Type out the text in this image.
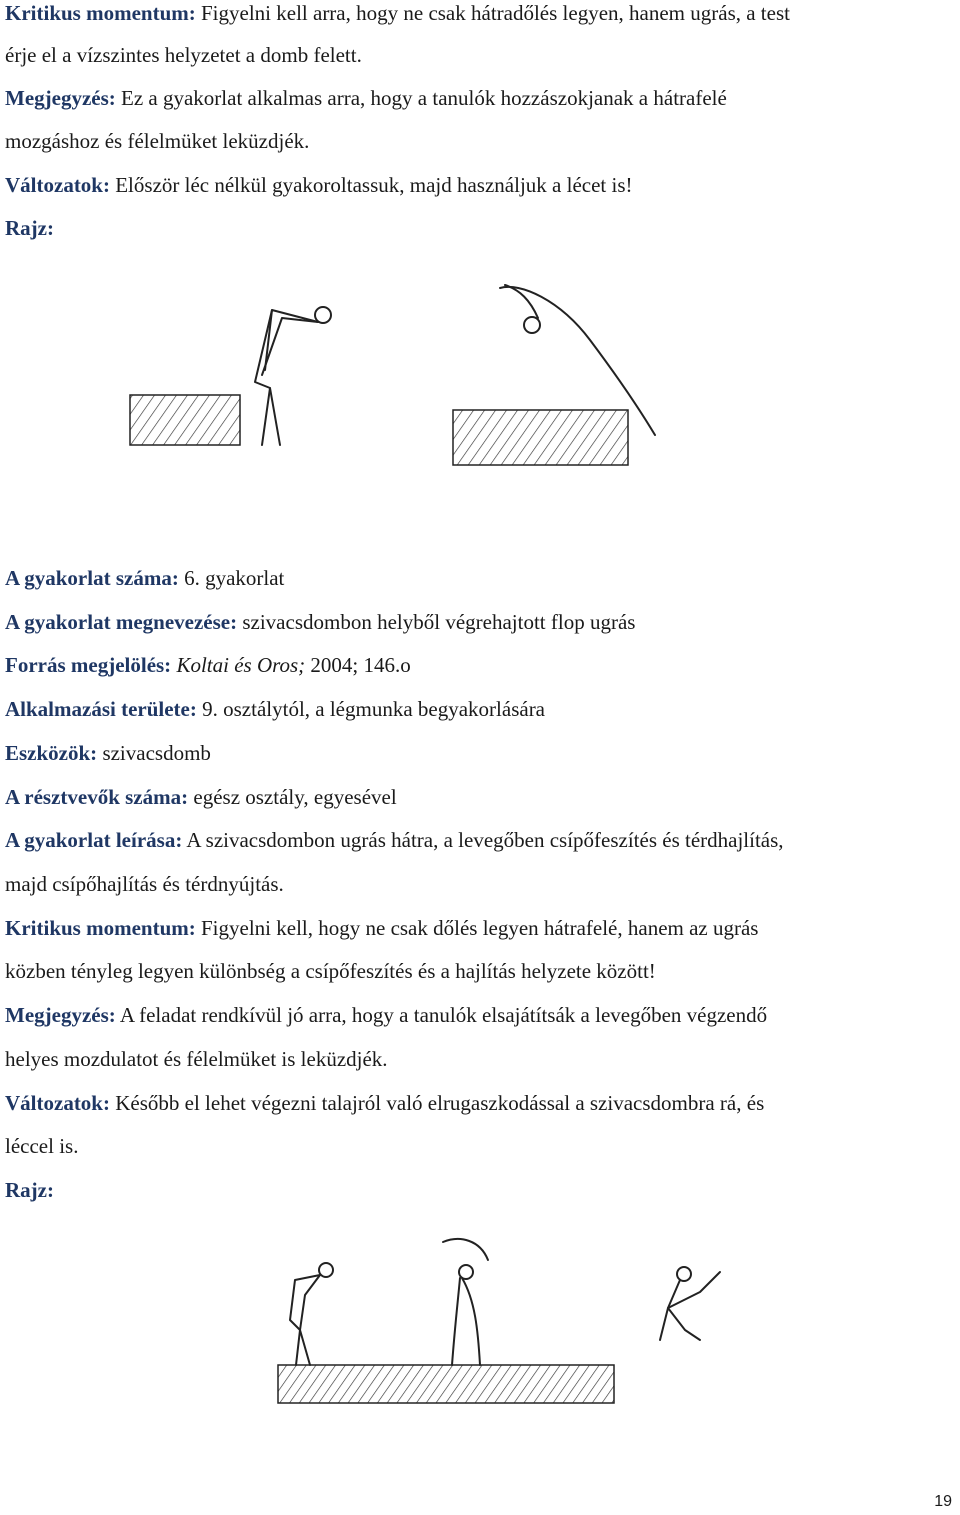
Kritikus momentum: Figyelni kell arra, hogy ne csak hátradőlés legyen, hanem ugrás, a test
érje el a vízszintes helyzetet a domb felett.
Megjegyzés: Ez a gyakorlat alkalmas arra, hogy a tanulók hozzászokjanak a hátrafelé
mozgáshoz és félelmüket leküzdjék.
Változatok: Először léc nélkül gyakoroltassuk, majd használjuk a lécet is!
Rajz:
A gyakorlat száma: 6. gyakorlat
A gyakorlat megnevezése: szivacsdombon helyből végrehajtott flop ugrás
Forrás megjelölés: Koltai és Oros; 2004; 146.o
Alkalmazási területe: 9. osztálytól, a légmunka begyakorlására
Eszközök: szivacsdomb
A résztvevők száma: egész osztály, egyesével
A gyakorlat leírása: A szivacsdombon ugrás hátra, a levegőben csípőfeszítés és térdhajlítás,
majd csípőhajlítás és térdnyújtás.
Kritikus momentum: Figyelni kell, hogy ne csak dőlés legyen hátrafelé, hanem az ugrás
közben tényleg legyen különbség a csípőfeszítés és a hajlítás helyzete között!
Megjegyzés: A feladat rendkívül jó arra, hogy a tanulók elsajátítsák a levegőben végzendő
helyes mozdulatot és félelmüket is leküzdjék.
Változatok: Később el lehet végezni talajról való elrugaszkodással a szivacsdombra rá, és
léccel is.
Rajz:
19
